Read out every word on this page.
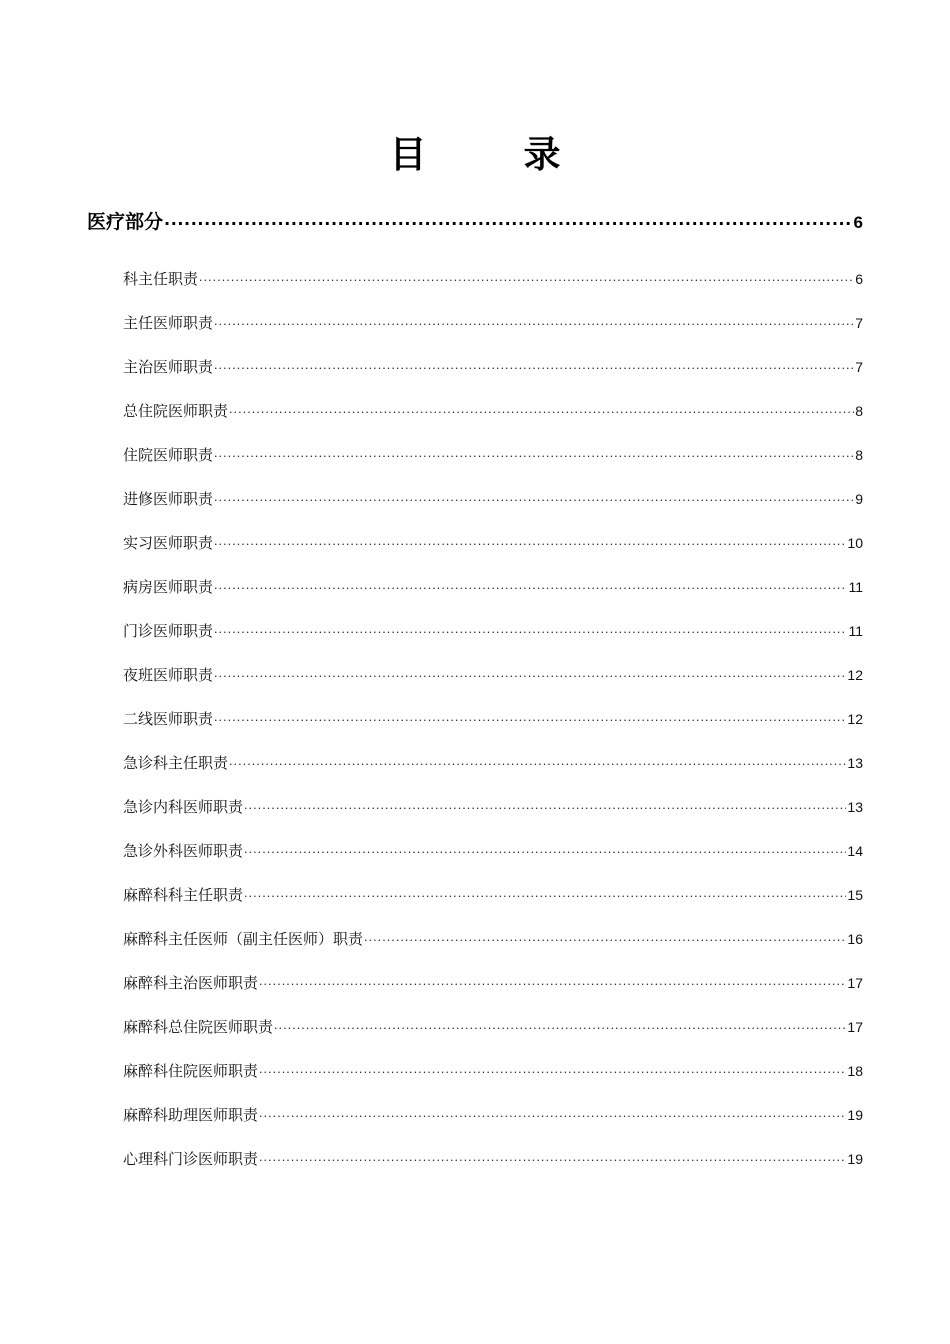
目　录
医疗部分 .....	6
科主任职责 .....	6
主任医师职责 .....	7
主治医师职责 .....	7
总住院医师职责 .....	8
住院医师职责 .....	8
进修医师职责 .....	9
实习医师职责 .....	10
病房医师职责 .....	11
门诊医师职责 .....	11
夜班医师职责 .....	12
二线医师职责 .....	12
急诊科主任职责 .....	13
急诊内科医师职责 .....	13
急诊外科医师职责 .....	14
麻醉科科主任职责 .....	15
麻醉科主任医师（副主任医师）职责 .....	16
麻醉科主治医师职责 .....	17
麻醉科总住院医师职责 .....	17
麻醉科住院医师职责 .....	18
麻醉科助理医师职责 .....	19
心理科门诊医师职责 .....	19
